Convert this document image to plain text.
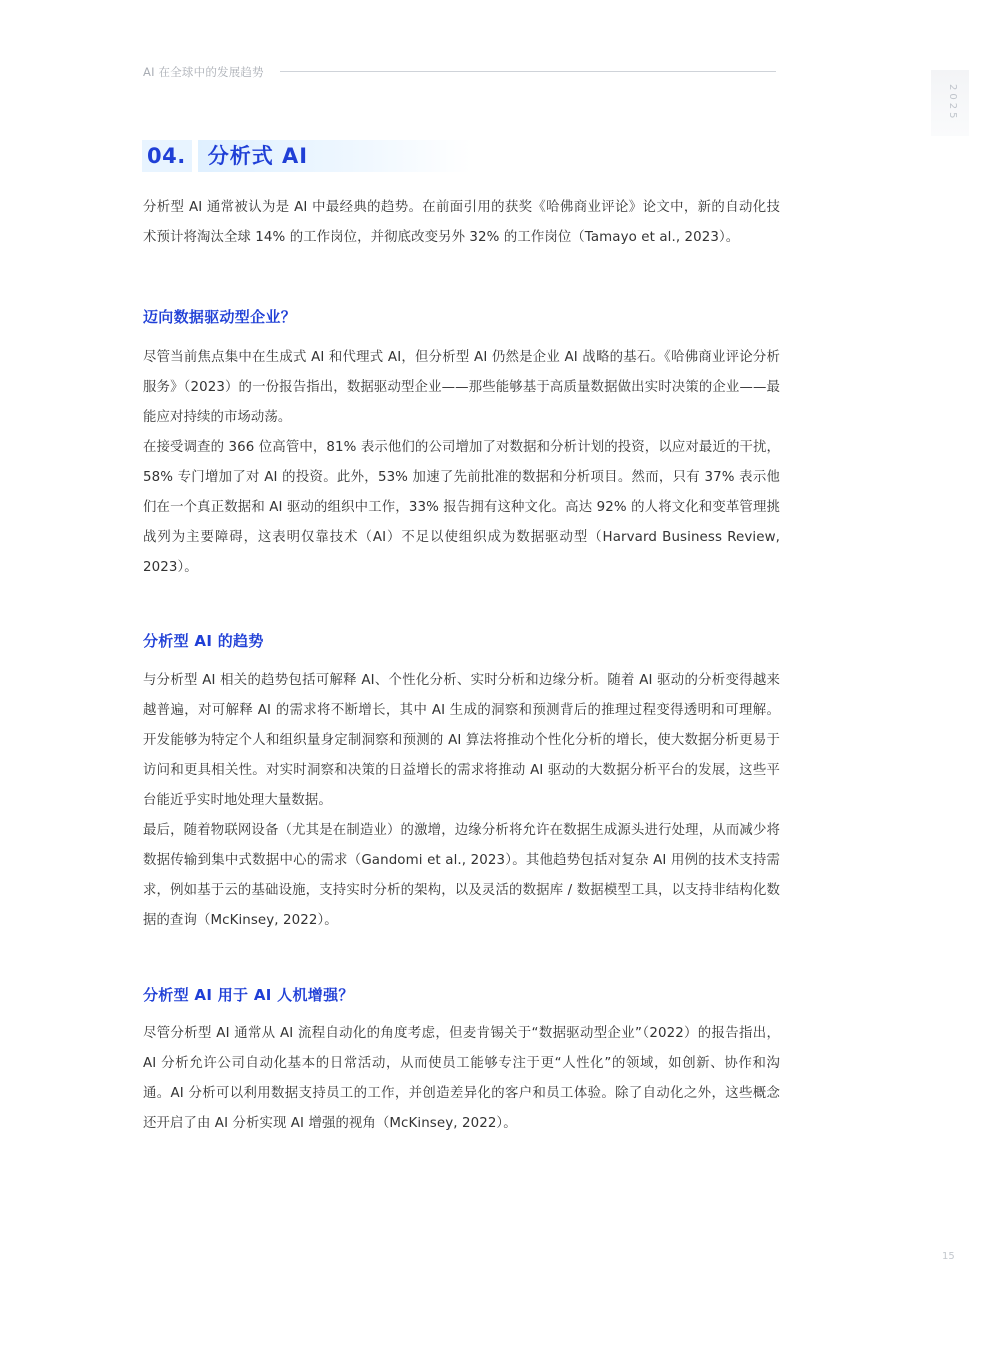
AI 在全球中的发展趋势
2025
04.	分析式 AI

分析型 AI 通常被认为是 AI 中最经典的趋势。在前面引用的获奖《哈佛商业评论》论文中，新的自动化技术预计将淘汰全球 14% 的工作岗位，并彻底改变另外 32% 的工作岗位（Tamayo et al., 2023）。

迈向数据驱动型企业？

尽管当前焦点集中在生成式 AI 和代理式 AI，但分析型 AI 仍然是企业 AI 战略的基石。《哈佛商业评论分析服务》（2023）的一份报告指出，数据驱动型企业——那些能够基于高质量数据做出实时决策的企业——最能应对持续的市场动荡。

在接受调查的 366 位高管中，81% 表示他们的公司增加了对数据和分析计划的投资，以应对最近的干扰，58% 专门增加了对 AI 的投资。此外，53% 加速了先前批准的数据和分析项目。然而，只有 37% 表示他们在一个真正数据和 AI 驱动的组织中工作，33% 报告拥有这种文化。高达 92% 的人将文化和变革管理挑战列为主要障碍，这表明仅靠技术（AI）不足以使组织成为数据驱动型（Harvard Business Review, 2023）。

分析型 AI 的趋势

与分析型 AI 相关的趋势包括可解释 AI、个性化分析、实时分析和边缘分析。随着 AI 驱动的分析变得越来越普遍，对可解释 AI 的需求将不断增长，其中 AI 生成的洞察和预测背后的推理过程变得透明和可理解。开发能够为特定个人和组织量身定制洞察和预测的 AI 算法将推动个性化分析的增长，使大数据分析更易于访问和更具相关性。对实时洞察和决策的日益增长的需求将推动 AI 驱动的大数据分析平台的发展，这些平台能近乎实时地处理大量数据。

最后，随着物联网设备（尤其是在制造业）的激增，边缘分析将允许在数据生成源头进行处理，从而减少将数据传输到集中式数据中心的需求（Gandomi et al., 2023）。其他趋势包括对复杂 AI 用例的技术支持需求，例如基于云的基础设施，支持实时分析的架构，以及灵活的数据库 / 数据模型工具，以支持非结构化数据的查询（McKinsey, 2022）。

分析型 AI 用于 AI 人机增强？

尽管分析型 AI 通常从 AI 流程自动化的角度考虑，但麦肯锡关于“数据驱动型企业”（2022）的报告指出，AI 分析允许公司自动化基本的日常活动，从而使员工能够专注于更“人性化”的领域，如创新、协作和沟通。AI 分析可以利用数据支持员工的工作，并创造差异化的客户和员工体验。除了自动化之外，这些概念还开启了由 AI 分析实现 AI 增强的视角（McKinsey, 2022）。

15
